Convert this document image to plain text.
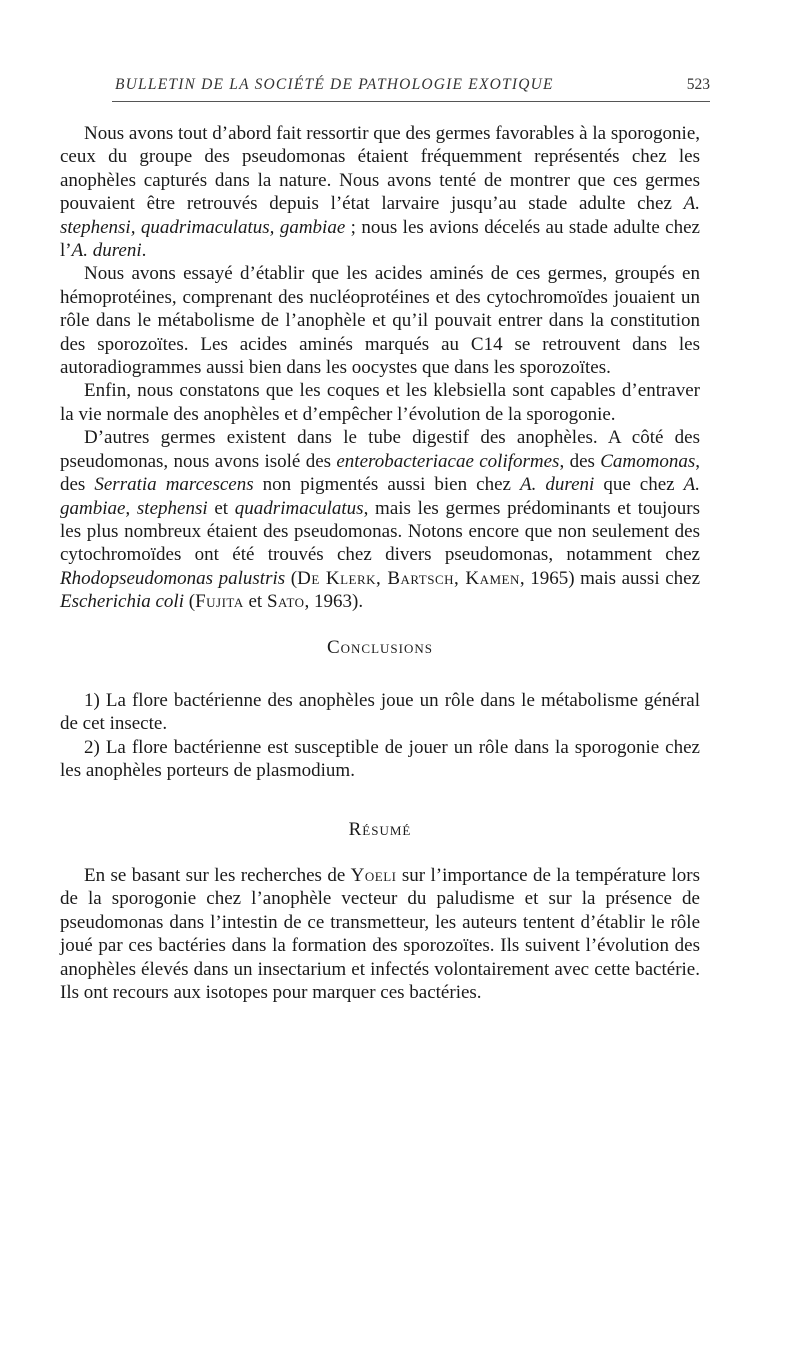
BULLETIN DE LA SOCIÉTÉ DE PATHOLOGIE EXOTIQUE	523

Nous avons tout d’abord fait ressortir que des germes favorables à la sporogonie, ceux du groupe des pseudomonas étaient fréquemment représentés chez les anophèles capturés dans la nature. Nous avons tenté de montrer que ces germes pouvaient être retrouvés depuis l’état larvaire jusqu’au stade adulte chez A. stephensi, quadrimaculatus, gambiae ; nous les avions décelés au stade adulte chez l’A. dureni.

Nous avons essayé d’établir que les acides aminés de ces germes, groupés en hémoprotéines, comprenant des nucléoprotéines et des cytochromoïdes jouaient un rôle dans le métabolisme de l’anophèle et qu’il pouvait entrer dans la constitution des sporozoïtes. Les acides aminés marqués au C14 se retrouvent dans les autoradiogrammes aussi bien dans les oocystes que dans les sporozoïtes.

Enfin, nous constatons que les coques et les klebsiella sont capables d’entraver la vie normale des anophèles et d’empêcher l’évolution de la sporogonie.

D’autres germes existent dans le tube digestif des anophèles. A côté des pseudomonas, nous avons isolé des enterobacteriacae coliformes, des Camomonas, des Serratia marcescens non pigmentés aussi bien chez A. dureni que chez A. gambiae, stephensi et quadrimaculatus, mais les germes prédominants et toujours les plus nombreux étaient des pseudomonas. Notons encore que non seulement des cytochromoïdes ont été trouvés chez divers pseudomonas, notamment chez Rhodopseudomonas palustris (De Klerk, Bartsch, Kamen, 1965) mais aussi chez Escherichia coli (Fujita et Sato, 1963).

Conclusions

1) La flore bactérienne des anophèles joue un rôle dans le métabolisme général de cet insecte.

2) La flore bactérienne est susceptible de jouer un rôle dans la sporogonie chez les anophèles porteurs de plasmodium.

Résumé

En se basant sur les recherches de Yoeli sur l’importance de la température lors de la sporogonie chez l’anophèle vecteur du paludisme et sur la présence de pseudomonas dans l’intestin de ce transmetteur, les auteurs tentent d’établir le rôle joué par ces bactéries dans la formation des sporozoïtes. Ils suivent l’évolution des anophèles élevés dans un insectarium et infectés volontairement avec cette bactérie. Ils ont recours aux isotopes pour marquer ces bactéries.
